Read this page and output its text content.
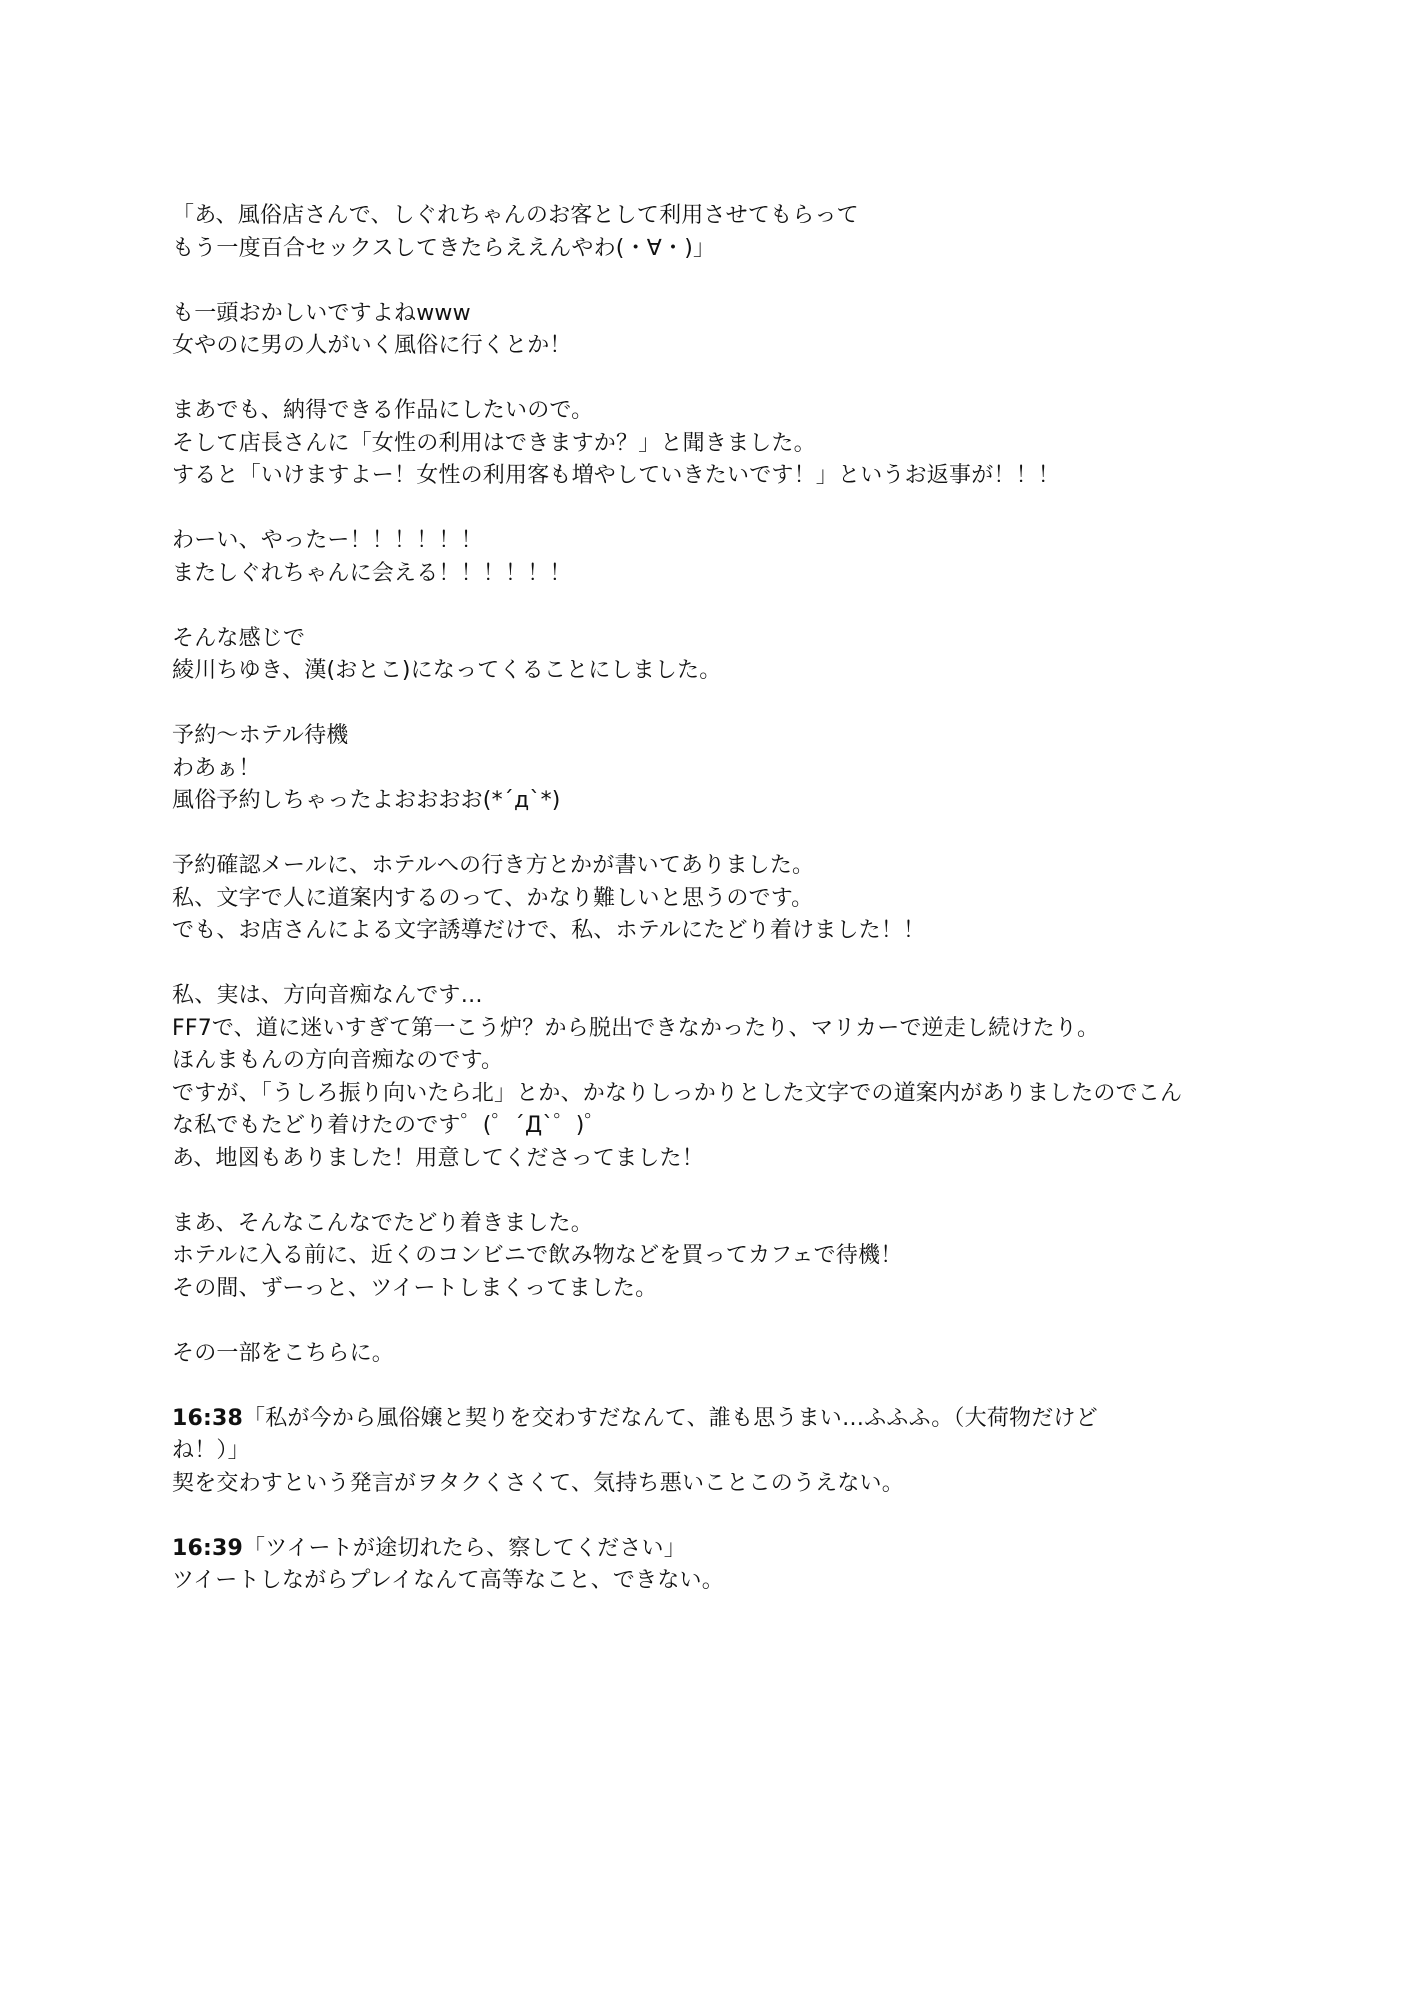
「あ、風俗店さんで、しぐれちゃんのお客として利用させてもらって
もう一度百合セックスしてきたらええんやわ(・∀・)」
も一頭おかしいですよねwww
女やのに男の人がいく風俗に行くとか！
まあでも、納得できる作品にしたいので。
そして店長さんに「女性の利用はできますか？」と聞きました。
すると「いけますよー！女性の利用客も増やしていきたいです！」というお返事が！！！
わーい、やったー！！！！！！
またしぐれちゃんに会える！！！！！！
そんな感じで
綾川ちゆき、漢(おとこ)になってくることにしました。
予約～ホテル待機
わあぁ！
風俗予約しちゃったよおおおお(*´д`*)
予約確認メールに、ホテルへの行き方とかが書いてありました。
私、文字で人に道案内するのって、かなり難しいと思うのです。
でも、お店さんによる文字誘導だけで、私、ホテルにたどり着けました！！
私、実は、方向音痴なんです…
FF7で、道に迷いすぎて第一こう炉？から脱出できなかったり、マリカーで逆走し続けたり。
ほんまもんの方向音痴なのです。
ですが、「うしろ振り向いたら北」とか、かなりしっかりとした文字での道案内がありましたのでこん
な私でもたどり着けたのです゜(゜´Д`゜)゜
あ、地図もありました！用意してくださってました！
まあ、そんなこんなでたどり着きました。
ホテルに入る前に、近くのコンビニで飲み物などを買ってカフェで待機！
その間、ずーっと、ツイートしまくってました。
その一部をこちらに。
16:38「私が今から風俗嬢と契りを交わすだなんて、誰も思うまい…ふふふ。（大荷物だけど
ね！）」
契を交わすという発言がヲタクくさくて、気持ち悪いことこのうえない。
16:39「ツイートが途切れたら、察してください」
ツイートしながらプレイなんて高等なこと、できない。
